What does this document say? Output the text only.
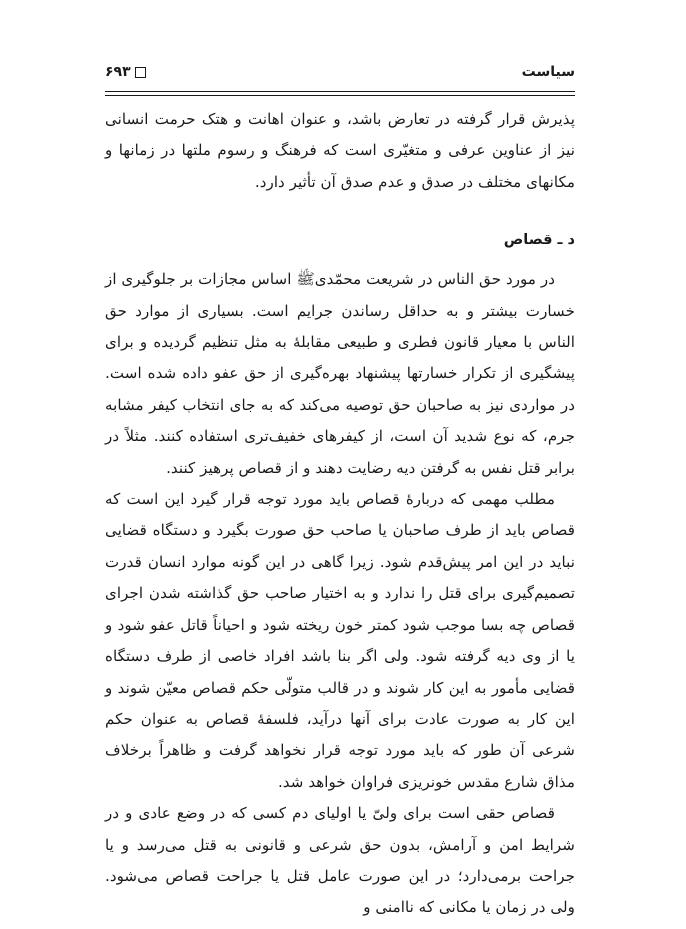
سیاست
۶۹۳

پذیرش قرار گرفته در تعارض باشد، و عنوان اهانت و هتک حرمت انسانی نیز از عناوین عرفی و متغیّری است که فرهنگ و رسوم ملتها در زمانها و مکانهای مختلف در صدق و عدم صدق آن تأثیر دارد.

د ـ قصاص

در مورد حق الناس در شریعت محمّدیﷺ اساس مجازات بر جلوگیری از خسارت بیشتر و به حداقل رساندن جرایم است. بسیاری از موارد حق الناس با معیار قانون فطری و طبیعی مقابلهٔ به مثل تنظیم گردیده و برای پیشگیری از تکرار خسارتها پیشنهاد بهره‌گیری از حق عفو داده شده است. در مواردی نیز به صاحبان حق توصیه می‌کند که به جای انتخاب کیفر مشابه جرم، که نوع شدید آن است، از کیفرهای خفیف‌تری استفاده کنند. مثلاً در برابر قتل نفس به گرفتن دیه رضایت دهند و از قصاص پرهیز کنند.

مطلب مهمی که دربارهٔ قصاص باید مورد توجه قرار گیرد این است که قصاص باید از طرف صاحبان یا صاحب حق صورت بگیرد و دستگاه قضایی نباید در این امر پیش‌قدم شود. زیرا گاهی در این گونه موارد انسان قدرت تصمیم‌گیری برای قتل را ندارد و به اختیار صاحب حق گذاشته شدن اجرای قصاص چه بسا موجب شود کمتر خون ریخته شود و احیاناً قاتل عفو شود و یا از وی دیه گرفته شود. ولی اگر بنا باشد افراد خاصی از طرف دستگاه قضایی مأمور به این کار شوند و در قالب متولّی حکم قصاص معیّن شوند و این کار به صورت عادت برای آنها درآید، فلسفهٔ قصاص به عنوان حکم شرعی آن طور که باید مورد توجه قرار نخواهد گرفت و ظاهراً برخلاف مذاق شارع مقدس خونریزی فراوان خواهد شد.

قصاص حقی است برای ولیّ یا اولیای دم کسی که در وضع عادی و در شرایط امن و آرامش، بدون حق شرعی و قانونی به قتل می‌رسد و یا جراحت برمی‌دارد؛ در این صورت عامل قتل یا جراحت قصاص می‌شود. ولی در زمان یا مکانی که ناامنی و
